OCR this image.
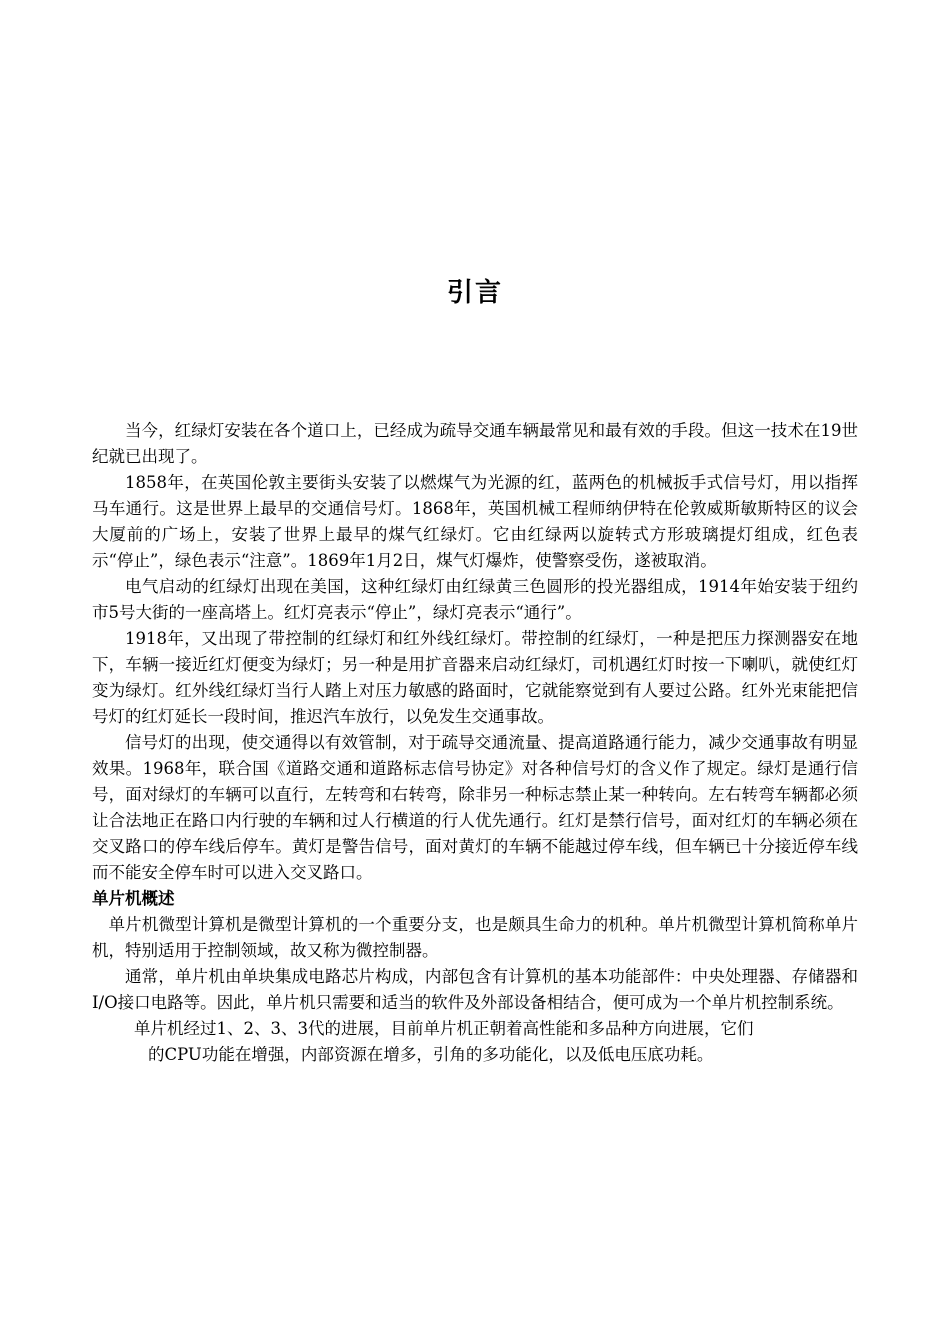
引言

当今，红绿灯安装在各个道口上，已经成为疏导交通车辆最常见和最有效的手段。但这一技术在19世纪就已出现了。

1858年，在英国伦敦主要街头安装了以燃煤气为光源的红，蓝两色的机械扳手式信号灯，用以指挥马车通行。这是世界上最早的交通信号灯。1868年，英国机械工程师纳伊特在伦敦威斯敏斯特区的议会大厦前的广场上，安装了世界上最早的煤气红绿灯。它由红绿两以旋转式方形玻璃提灯组成，红色表示“停止”，绿色表示“注意”。1869年1月2日，煤气灯爆炸，使警察受伤，遂被取消。

电气启动的红绿灯出现在美国，这种红绿灯由红绿黄三色圆形的投光器组成，1914年始安装于纽约市5号大街的一座高塔上。红灯亮表示“停止”，绿灯亮表示“通行”。

1918年，又出现了带控制的红绿灯和红外线红绿灯。带控制的红绿灯，一种是把压力探测器安在地下，车辆一接近红灯便变为绿灯；另一种是用扩音器来启动红绿灯，司机遇红灯时按一下喇叭，就使红灯变为绿灯。红外线红绿灯当行人踏上对压力敏感的路面时，它就能察觉到有人要过公路。红外光束能把信号灯的红灯延长一段时间，推迟汽车放行，以免发生交通事故。

信号灯的出现，使交通得以有效管制，对于疏导交通流量、提高道路通行能力，减少交通事故有明显效果。1968年，联合国《道路交通和道路标志信号协定》对各种信号灯的含义作了规定。绿灯是通行信号，面对绿灯的车辆可以直行，左转弯和右转弯，除非另一种标志禁止某一种转向。左右转弯车辆都必须让合法地正在路口内行驶的车辆和过人行横道的行人优先通行。红灯是禁行信号，面对红灯的车辆必须在交叉路口的停车线后停车。黄灯是警告信号，面对黄灯的车辆不能越过停车线，但车辆已十分接近停车线而不能安全停车时可以进入交叉路口。

单片机概述

单片机微型计算机是微型计算机的一个重要分支，也是颇具生命力的机种。单片机微型计算机简称单片机，特别适用于控制领域，故又称为微控制器。

通常，单片机由单块集成电路芯片构成，内部包含有计算机的基本功能部件：中央处理器、存储器和I/O接口电路等。因此，单片机只需要和适当的软件及外部设备相结合，便可成为一个单片机控制系统。

单片机经过1、2、3、3代的进展，目前单片机正朝着高性能和多品种方向进展，它们
的CPU功能在增强，内部资源在增多，引角的多功能化，以及低电压底功耗。
